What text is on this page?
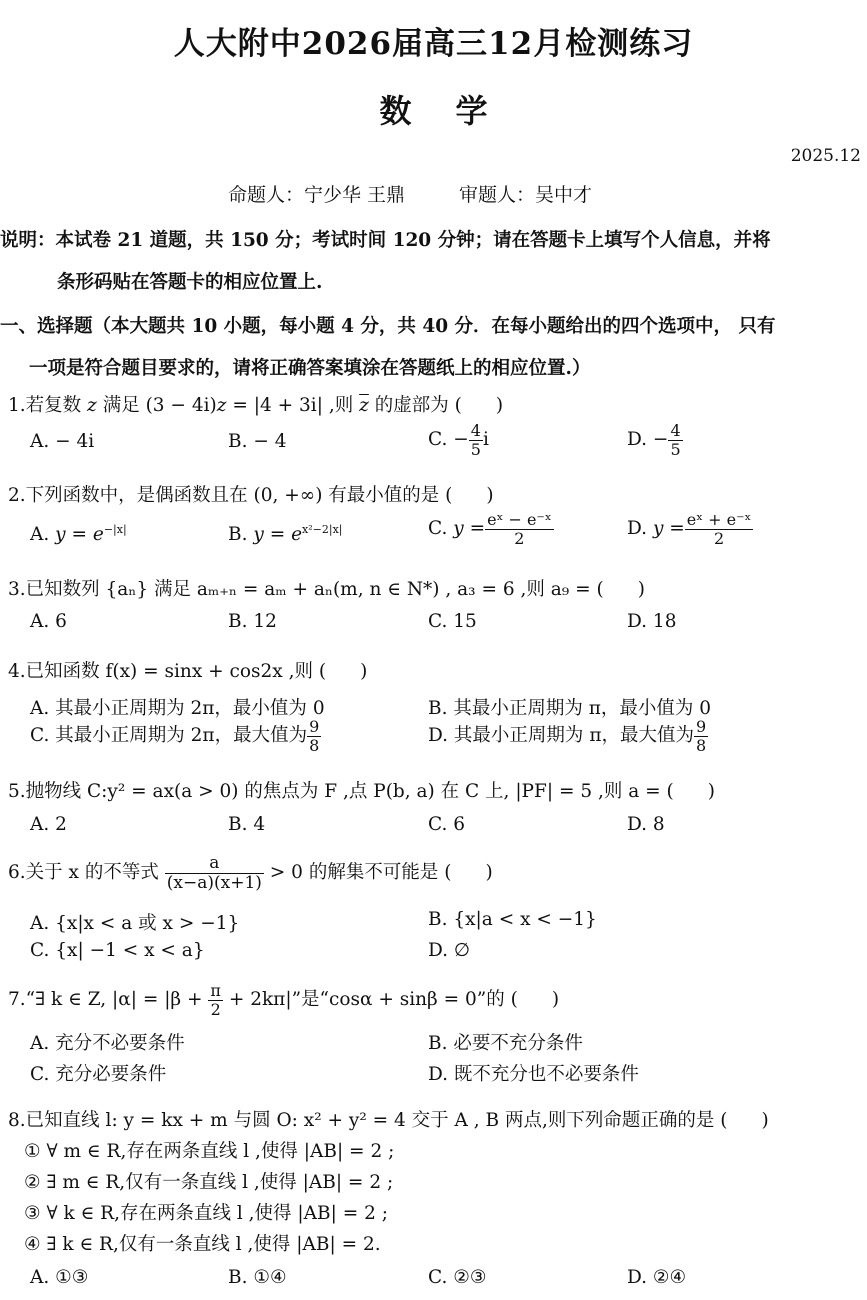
人大附中2026届高三12月检测练习
数学
2025.12
命题人：宁少华 王鼎	审题人：吴中才
说明：本试卷 21 道题，共 150 分；考试时间 120 分钟；请在答题卡上填写个人信息，并将
条形码贴在答题卡的相应位置上.
一、选择题（本大题共 10 小题，每小题 4 分，共 40 分．在每小题给出的四个选项中， 只有
一项是符合题目要求的，请将正确答案填涂在答题纸上的相应位置.）
1.若复数 z 满足 (3 − 4i)z = |4 + 3i| ,则 $\overline{z}$ 的虚部为 ( )
A. − 4i	B. − 4	C. − $\frac{4}{5}$ i	D. − $\frac{4}{5}$
2.下列函数中，是偶函数且在 (0, +∞) 有最小值的是 ( )
A. $y = e^{-|x|}$	B. $y = e^{x^2-2|x|}$	C. $y = \frac{\text{eˣ − e⁻ˣ}}{2}$	D. $y = \frac{\text{eˣ + e⁻ˣ}}{2}$
3.已知数列 {aₙ} 满足 aₘ₊ₙ = aₘ + aₙ(m, n ∈ N*) , a₃ = 6 ,则 a₉ = ( )
A. 6	B. 12	C. 15	D. 18
4.已知函数 f(x) = sinx + cos2x ,则 ( )
A. 其最小正周期为 2π，最小值为 0	B. 其最小正周期为 π，最小值为 0
C. 其最小正周期为 2π，最大值为 $\frac{9}{8}$	D. 其最小正周期为 π，最大值为 $\frac{9}{8}$
5.抛物线 C:y² = ax(a > 0) 的焦点为 F ,点 P(b, a) 在 C 上, |PF| = 5 ,则 a = ( )
A. 2	B. 4	C. 6	D. 8
6.关于 x 的不等式 $\frac{a}{(x-a)(x+1)} > 0$ 的解集不可能是 ( )
A. {x|x < a 或 x > −1}	B. {x|a < x < −1}
C. {x| −1 < x < a}	D. ∅
7.“∃ k ∈ Z, $|\alpha| = |\beta + \frac{\pi}{2} + 2k\pi|$”是“cosα + sinβ = 0”的 ( )
A. 充分不必要条件	B. 必要不充分条件
C. 充分必要条件	D. 既不充分也不必要条件
8.已知直线 l: y = kx + m 与圆 O: x² + y² = 4 交于 A , B 两点,则下列命题正确的是 ( )
① ∀ m ∈ R,存在两条直线 l ,使得 |AB| = 2 ;
② ∃ m ∈ R,仅有一条直线 l ,使得 |AB| = 2 ;
③ ∀ k ∈ R,存在两条直线 l ,使得 |AB| = 2 ;
④ ∃ k ∈ R,仅有一条直线 l ,使得 |AB| = 2.
A. ①③	B. ①④	C. ②③	D. ②④
